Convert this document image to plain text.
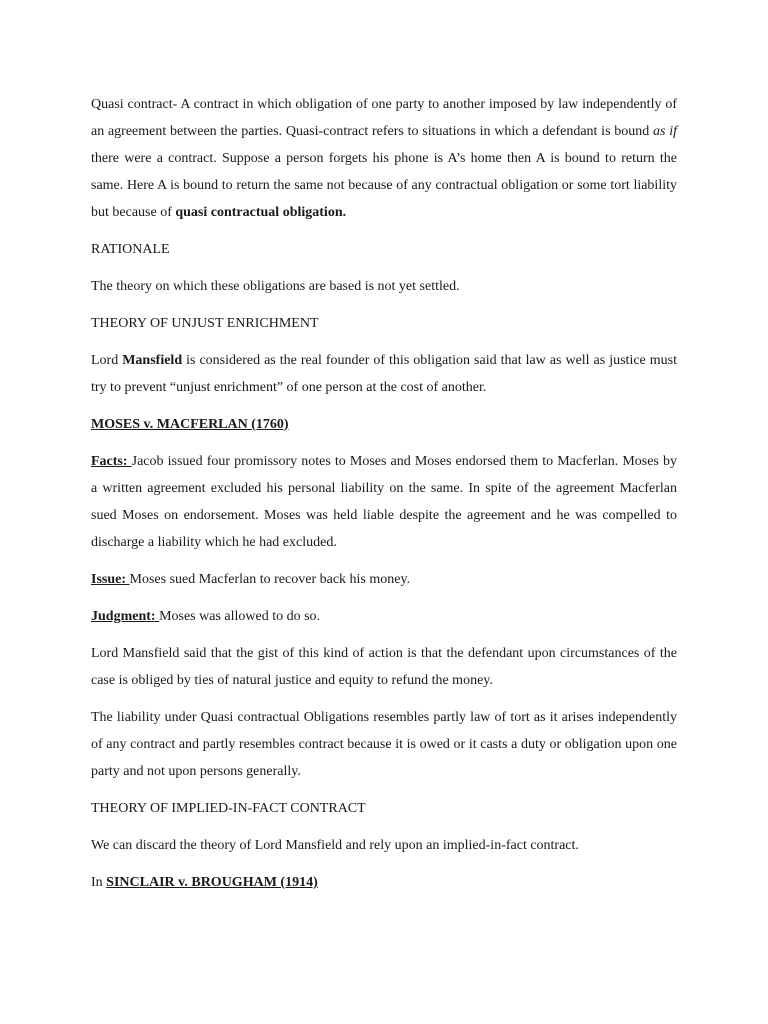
Quasi contract- A contract in which obligation of one party to another imposed by law independently of an agreement between the parties. Quasi-contract refers to situations in which a defendant is bound as if there were a contract. Suppose a person forgets his phone is A’s home then A is bound to return the same. Here A is bound to return the same not because of any contractual obligation or some tort liability but because of quasi contractual obligation.

RATIONALE

The theory on which these obligations are based is not yet settled.

THEORY OF UNJUST ENRICHMENT

Lord Mansfield is considered as the real founder of this obligation said that law as well as justice must try to prevent “unjust enrichment” of one person at the cost of another.

MOSES v. MACFERLAN (1760)

Facts: Jacob issued four promissory notes to Moses and Moses endorsed them to Macferlan. Moses by a written agreement excluded his personal liability on the same. In spite of the agreement Macferlan sued Moses on endorsement. Moses was held liable despite the agreement and he was compelled to discharge a liability which he had excluded.

Issue: Moses sued Macferlan to recover back his money.

Judgment: Moses was allowed to do so.

Lord Mansfield said that the gist of this kind of action is that the defendant upon circumstances of the case is obliged by ties of natural justice and equity to refund the money.

The liability under Quasi contractual Obligations resembles partly law of tort as it arises independently of any contract and partly resembles contract because it is owed or it casts a duty or obligation upon one party and not upon persons generally.

THEORY OF IMPLIED-IN-FACT CONTRACT

We can discard the theory of Lord Mansfield and rely upon an implied-in-fact contract.

In SINCLAIR v. BROUGHAM (1914)
